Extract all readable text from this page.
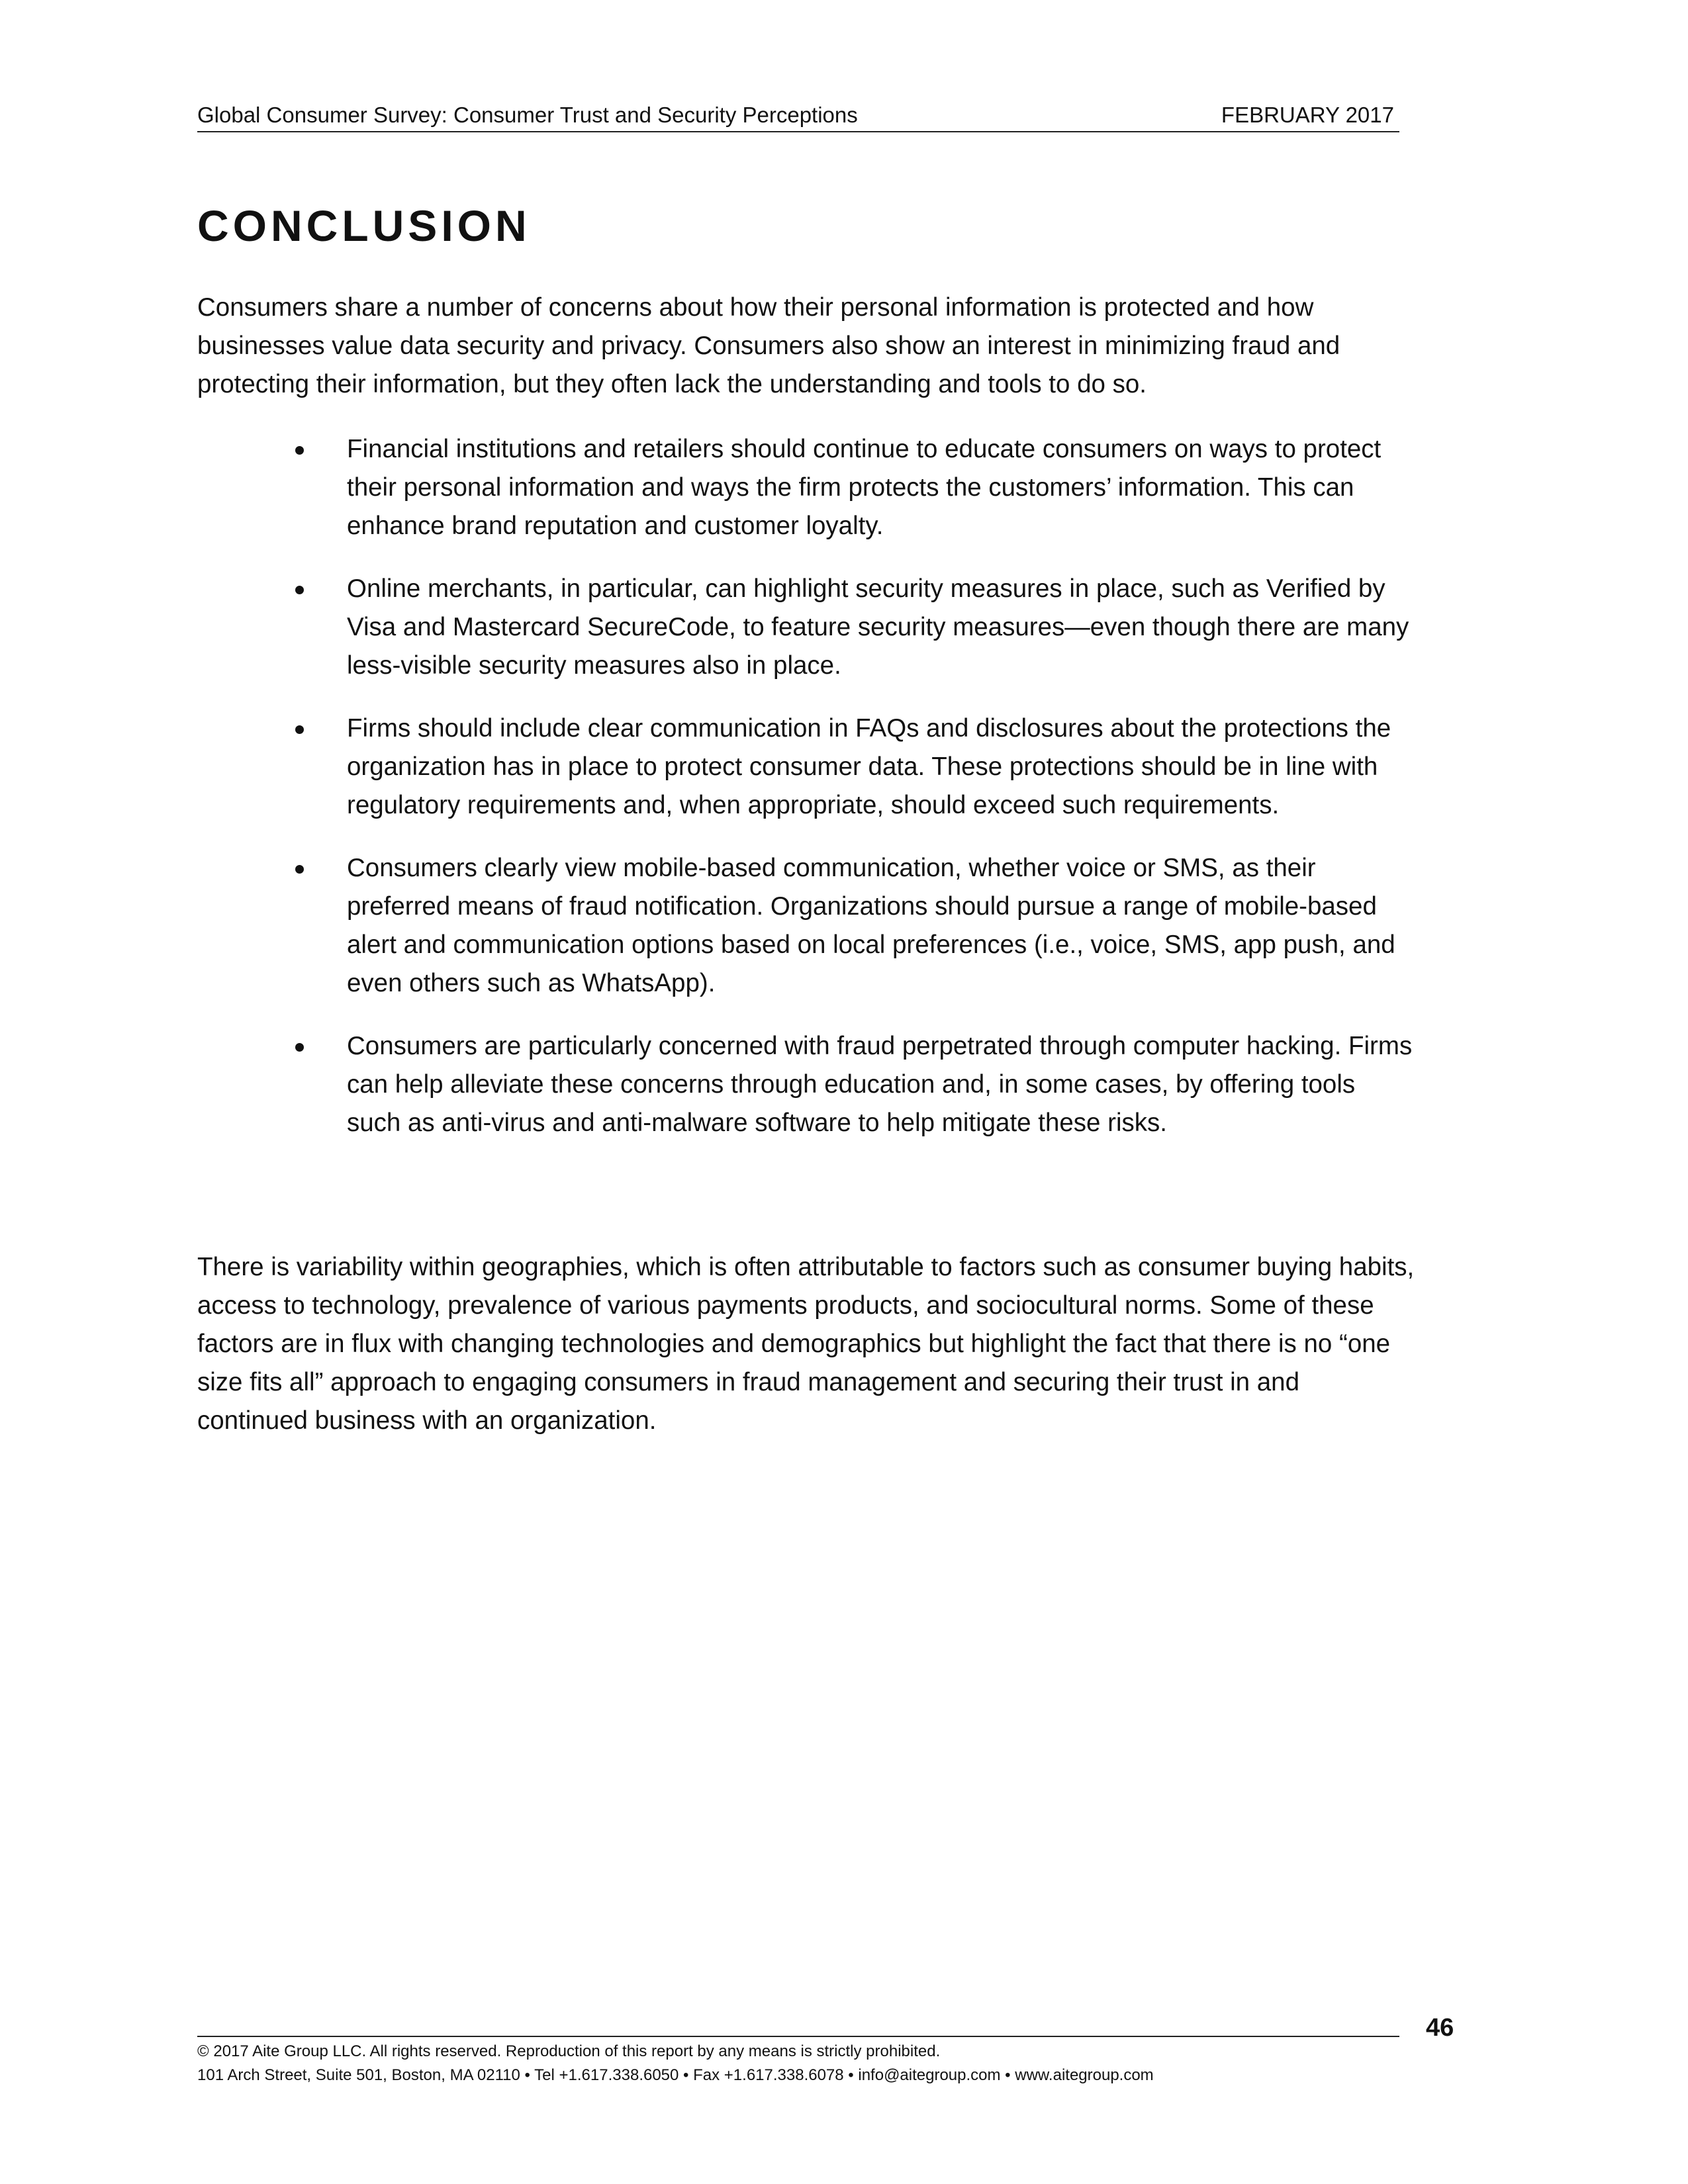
Global Consumer Survey: Consumer Trust and Security Perceptions	FEBRUARY 2017
CONCLUSION

Consumers share a number of concerns about how their personal information is protected and how businesses value data security and privacy. Consumers also show an interest in minimizing fraud and protecting their information, but they often lack the understanding and tools to do so.

Financial institutions and retailers should continue to educate consumers on ways to protect their personal information and ways the firm protects the customers’ information. This can enhance brand reputation and customer loyalty.
Online merchants, in particular, can highlight security measures in place, such as Verified by Visa and Mastercard SecureCode, to feature security measures—even though there are many less-visible security measures also in place.
Firms should include clear communication in FAQs and disclosures about the protections the organization has in place to protect consumer data. These protections should be in line with regulatory requirements and, when appropriate, should exceed such requirements.
Consumers clearly view mobile-based communication, whether voice or SMS, as their preferred means of fraud notification. Organizations should pursue a range of mobile-based alert and communication options based on local preferences (i.e., voice, SMS, app push, and even others such as WhatsApp).
Consumers are particularly concerned with fraud perpetrated through computer hacking. Firms can help alleviate these concerns through education and, in some cases, by offering tools such as anti-virus and anti-malware software to help mitigate these risks.

There is variability within geographies, which is often attributable to factors such as consumer buying habits, access to technology, prevalence of various payments products, and sociocultural norms. Some of these factors are in flux with changing technologies and demographics but highlight the fact that there is no “one size fits all” approach to engaging consumers in fraud management and securing their trust in and continued business with an organization.

46
© 2017 Aite Group LLC. All rights reserved. Reproduction of this report by any means is strictly prohibited.
101 Arch Street, Suite 501, Boston, MA 02110 • Tel +1.617.338.6050 • Fax +1.617.338.6078 • info@aitegroup.com • www.aitegroup.com
